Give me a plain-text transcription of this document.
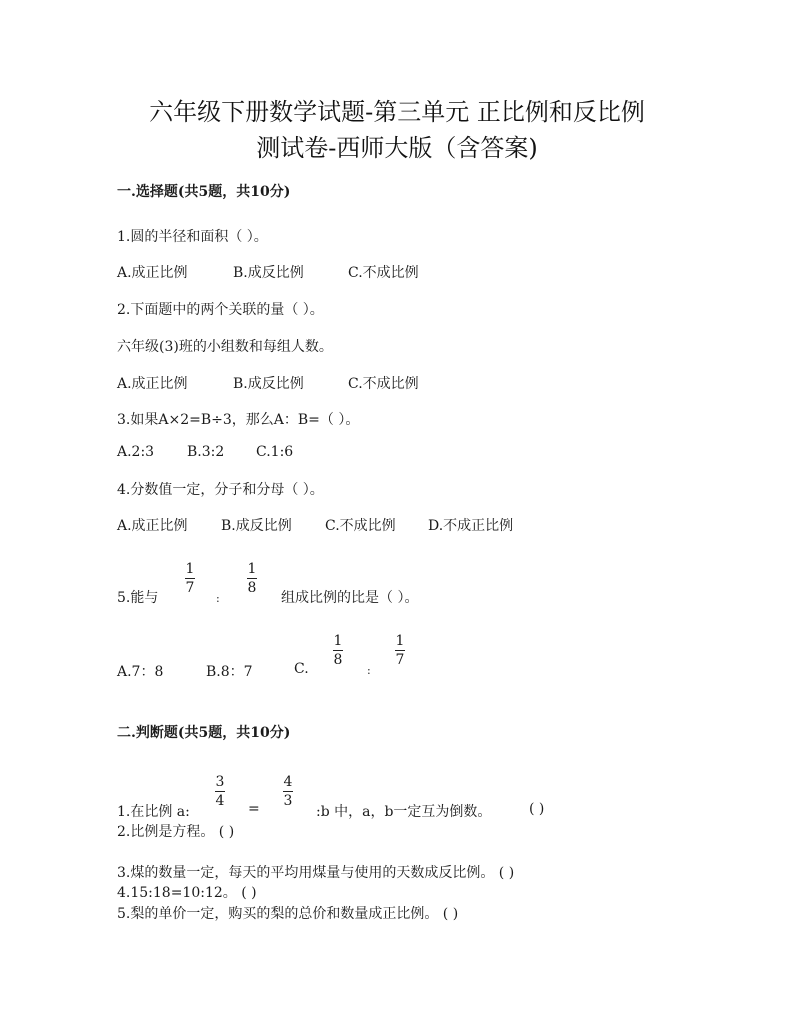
六年级下册数学试题-第三单元 正比例和反比例
测试卷-西师大版（含答案)
一.选择题(共5题，共10分)
1.圆的半径和面积（ ）。
A.成正比例	B.成反比例	C.不成比例
2.下面题中的两个关联的量（ ）。
六年级(3)班的小组数和每组人数。
A.成正比例	B.成反比例	C.不成比例
3.如果A×2=B÷3，那么A：B=（ ）。
A.2:3 B.3:2 C.1:6
4.分数值一定，分子和分母（ ）。
A.成正比例 B.成反比例 C.不成比例 D.不成正比例
5.能与
1
7
:
1
8
组成比例的比是（ ）。
A.7：8	B.8：7	C.
1
8
:
1
7
二.判断题(共5题，共10分)
1.在比例 a:
3
4	=
4
3
:b 中，a，b一定互为倒数。	( )
2.比例是方程。 ( )
3.煤的数量一定，每天的平均用煤量与使用的天数成反比例。 ( )
4.15:18=10:12。 ( )
5.梨的单价一定，购买的梨的总价和数量成正比例。 ( )
